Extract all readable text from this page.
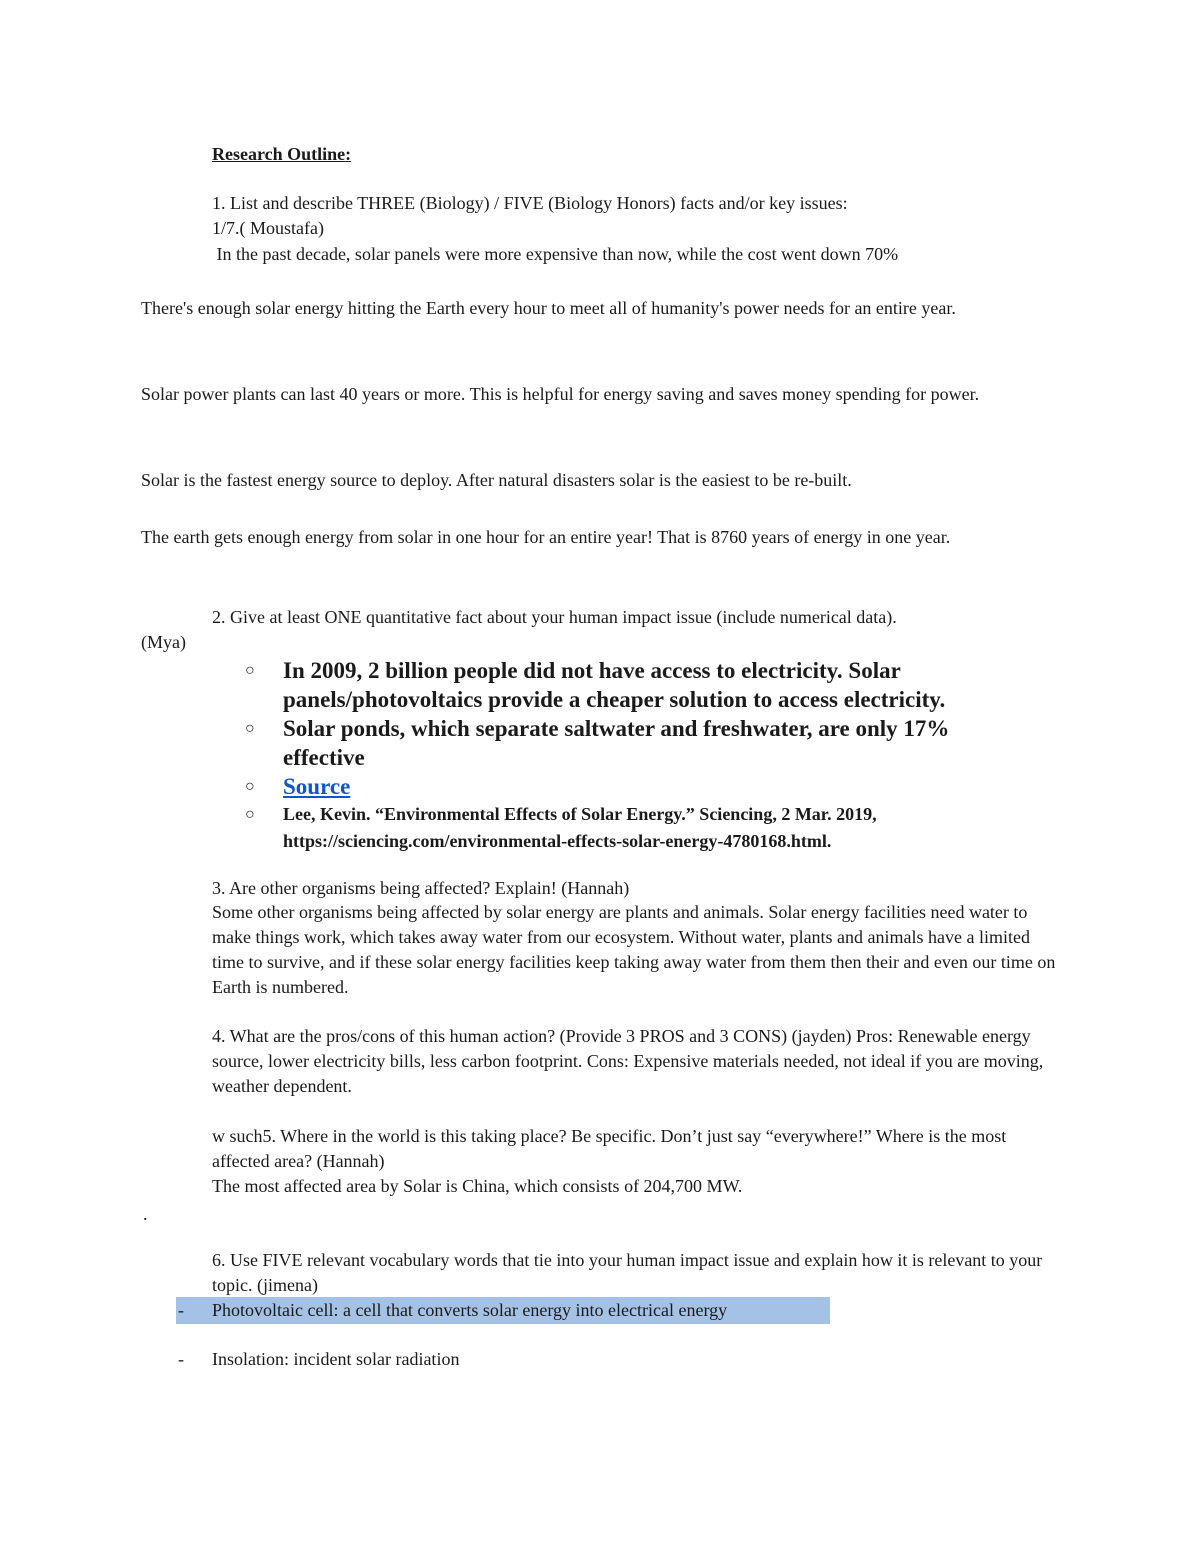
Research Outline:
1. List and describe THREE (Biology) / FIVE (Biology Honors) facts and/or key issues:
1/7.( Moustafa)
In the past decade, solar panels were more expensive than now, while the cost went down 70%
There's enough solar energy hitting the Earth every hour to meet all of humanity's power needs for an entire year.
Solar power plants can last 40 years or more. This is helpful for energy saving and saves money spending for power.
Solar is the fastest energy source to deploy. After natural disasters solar is the easiest to be re-built.
The earth gets enough energy from solar in one hour for an entire year! That is 8760 years of energy in one year.
2. Give at least ONE quantitative fact about your human impact issue (include numerical data).
(Mya)
○	In 2009, 2 billion people did not have access to electricity. Solar panels/photovoltaics provide a cheaper solution to access electricity.
○	Solar ponds, which separate saltwater and freshwater, are only 17% effective
○	Source
○	Lee, Kevin. “Environmental Effects of Solar Energy.” Sciencing, 2 Mar. 2019, https://sciencing.com/environmental-effects-solar-energy-4780168.html.
3. Are other organisms being affected? Explain! (Hannah)
Some other organisms being affected by solar energy are plants and animals. Solar energy facilities need water to make things work, which takes away water from our ecosystem. Without water, plants and animals have a limited time to survive, and if these solar energy facilities keep taking away water from them then their and even our time on Earth is numbered.
4. What are the pros/cons of this human action? (Provide 3 PROS and 3 CONS) (jayden) Pros: Renewable energy source, lower electricity bills, less carbon footprint. Cons: Expensive materials needed, not ideal if you are moving, weather dependent.
w such5. Where in the world is this taking place? Be specific. Don’t just say “everywhere!” Where is the most affected area? (Hannah)
The most affected area by Solar is China, which consists of 204,700 MW.
.
6. Use FIVE relevant vocabulary words that tie into your human impact issue and explain how it is relevant to your topic. (jimena)
- Photovoltaic cell: a cell that converts solar energy into electrical energy
- Insolation: incident solar radiation
